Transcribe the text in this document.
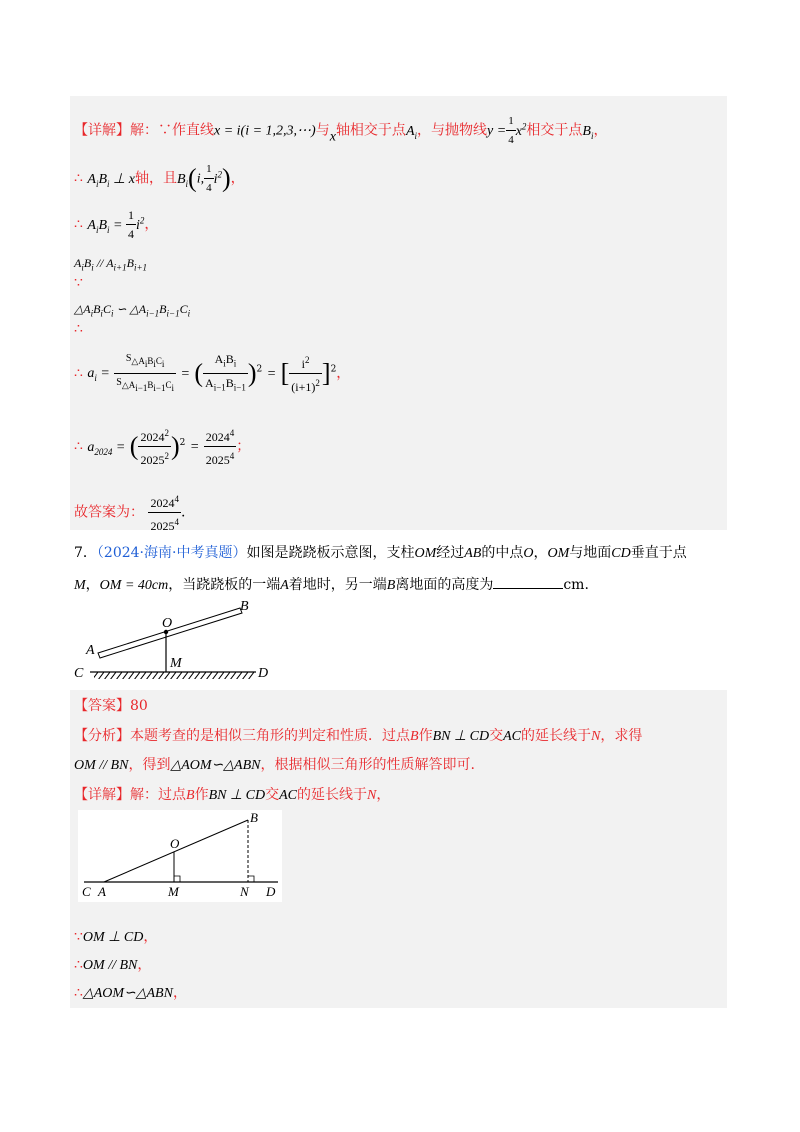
【详解】解：∵作直线x = i(i = 1,2,3,⋯)与x轴相交于点$A_i$，与抛物线$y = \frac{1}{4} x^2$相交于点$B_i$，
∴ $A_iB_i$ ⊥ x轴，且$B_i(i$, $\frac{1}{4} i^2$)，
∴ $A_iB_i = \frac{1}{4} i^2$，
$A_iB_i // A_{i+1}B_{i+1}$
∵
$\triangle A_iB_iC_i$ ∽ $\triangle A_{i-1}B_{i-1}C_i$
∴
∴ $a_i = \frac{S_{\triangle A_iB_iC_i}}{S_{\triangle A_{i-1}B_{i-1}C_i}}$ = ( $\frac{A_iB_i}{A_{i-1}B_{i-1}} )^2$ = [ $\frac{i^2}{(i+1)^2} ]^2$，
∴ $a_{2024}$ = ( $\frac{2024^2}{2025^2} )^2 = \frac{2024^4}{2025^4}$ ；
故答案为： $\frac{2024^4}{2025^4}$ .
7．（2024·海南·中考真题）如图是跷跷板示意图，支柱OM经过AB的中点O，OM与地面CD垂直于点
M，OM = 40cm，当跷跷板的一端A着地时，另一端B离地面的高度为	cm.
A
B
O
C
M
D
【答案】80
【分析】本题考查的是相似三角形的判定和性质．过点B作BN ⊥ CD交AC的延长线于N，求得
OM // BN，得到△AOM∽△ABN，根据相似三角形的性质解答即可.
【详解】解：过点B作BN ⊥ CD交AC的延长线于N，
B
O
C A	M	N D
∵OM ⊥ CD，
∴OM // BN，
∴△AOM∽△ABN，
